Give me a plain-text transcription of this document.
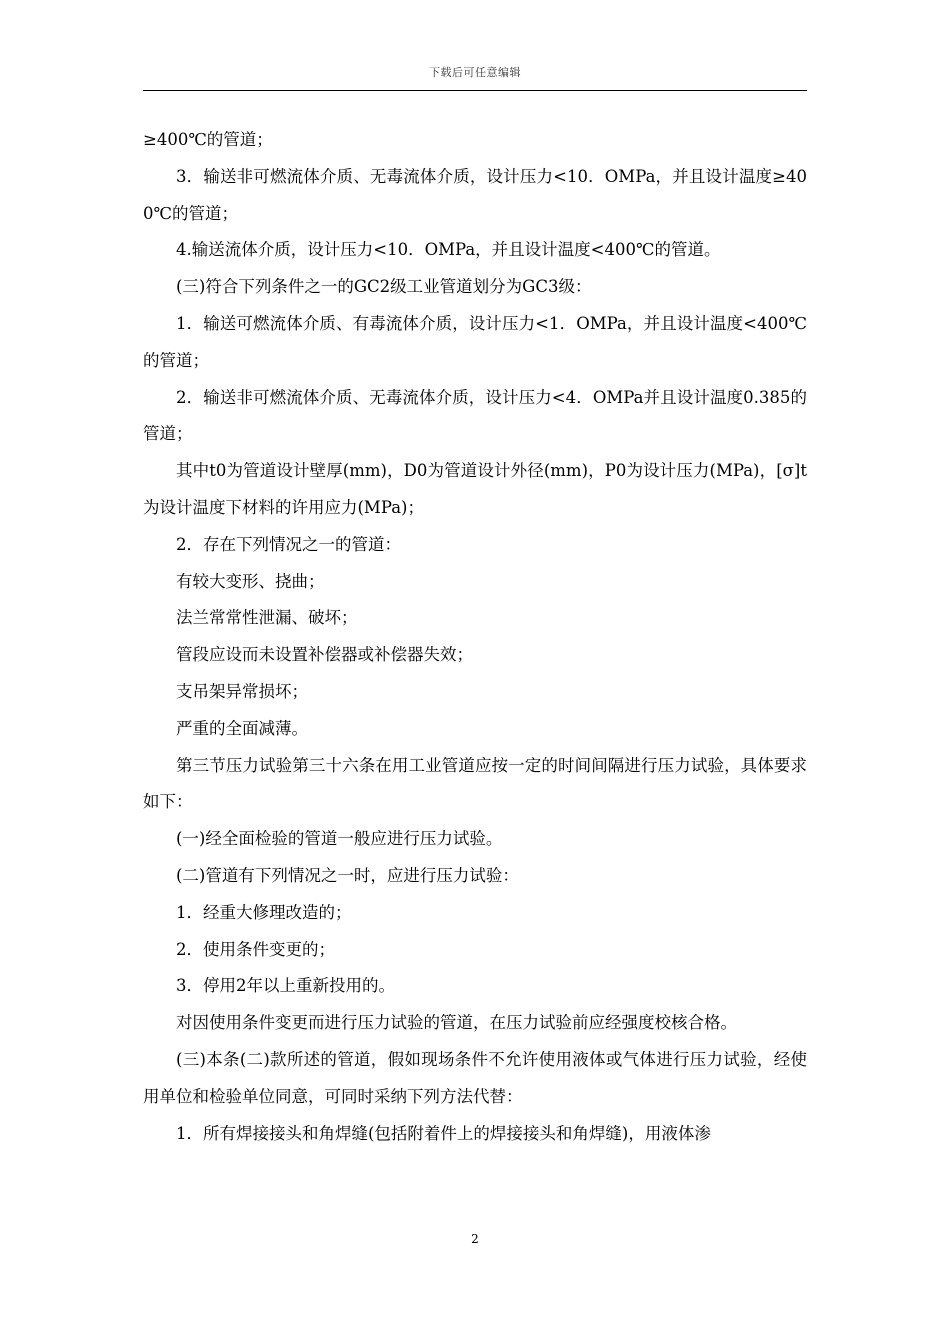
下载后可任意编辑

≥400℃的管道；

3．输送非可燃流体介质、无毒流体介质，设计压力<10．OMPa，并且设计温度≥400℃的管道；

4.输送流体介质，设计压力<10．OMPa，并且设计温度<400℃的管道。

(三)符合下列条件之一的GC2级工业管道划分为GC3级：

1．输送可燃流体介质、有毒流体介质，设计压力<1．OMPa，并且设计温度<400℃的管道；

2．输送非可燃流体介质、无毒流体介质，设计压力<4．OMPa并且设计温度0.385的管道；

其中t0为管道设计壁厚(mm)，D0为管道设计外径(mm)，P0为设计压力(MPa)，[σ]t为设计温度下材料的许用应力(MPa)；

2．存在下列情况之一的管道：

有较大变形、挠曲；

法兰常常性泄漏、破坏；

管段应设而未设置补偿器或补偿器失效；

支吊架异常损坏；

严重的全面减薄。

第三节压力试验第三十六条在用工业管道应按一定的时间间隔进行压力试验，具体要求如下：

(一)经全面检验的管道一般应进行压力试验。

(二)管道有下列情况之一时，应进行压力试验：

1．经重大修理改造的；

2．使用条件变更的；

3．停用2年以上重新投用的。

对因使用条件变更而进行压力试验的管道，在压力试验前应经强度校核合格。

(三)本条(二)款所述的管道，假如现场条件不允许使用液体或气体进行压力试验，经使用单位和检验单位同意，可同时采纳下列方法代替：

1．所有焊接接头和角焊缝(包括附着件上的焊接接头和角焊缝)，用液体渗

2
